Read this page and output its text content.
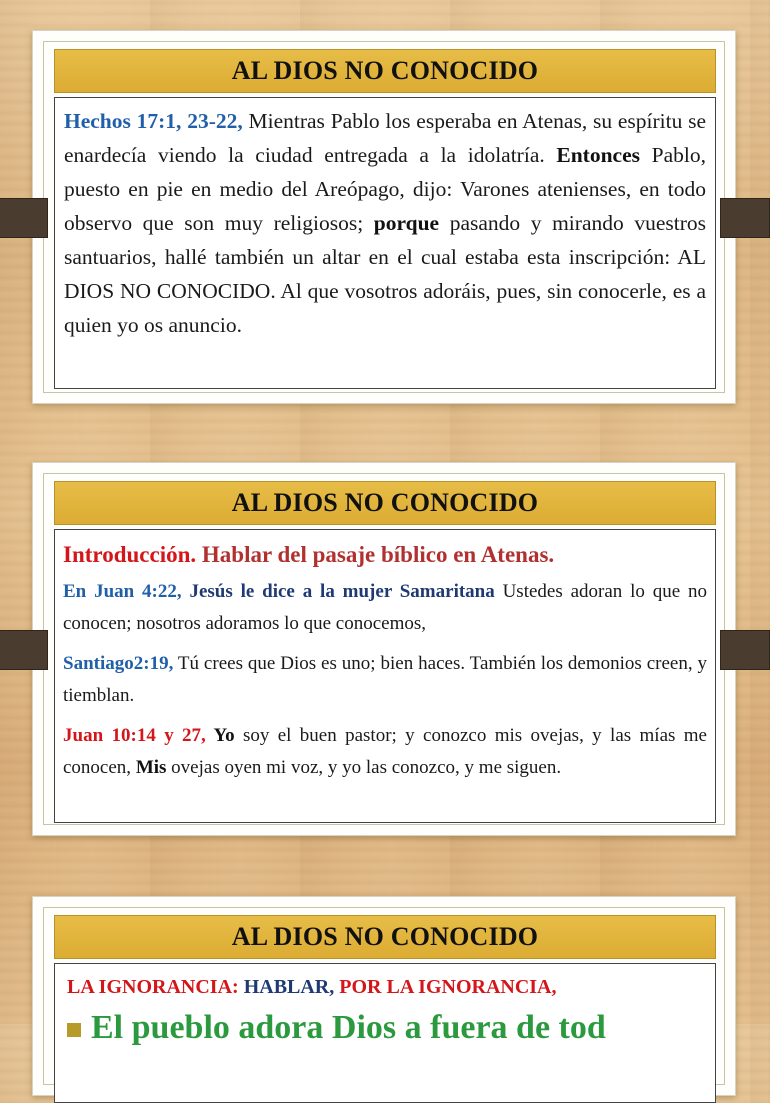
AL DIOS NO CONOCIDO
Hechos 17:1, 23-22, Mientras Pablo los esperaba en Atenas, su espíritu se enardecía viendo la ciudad entregada a la idolatría. Entonces Pablo, puesto en pie en medio del Areópago, dijo: Varones atenienses, en todo observo que son muy religiosos; porque pasando y mirando vuestros santuarios, hallé también un altar en el cual estaba esta inscripción: AL DIOS NO CONOCIDO. Al que vosotros adoráis, pues, sin conocerle, es a quien yo os anuncio.
AL DIOS NO CONOCIDO
Introducción. Hablar del pasaje bíblico en Atenas.
En Juan 4:22, Jesús le dice a la mujer Samaritana Ustedes adoran lo que no conocen; nosotros adoramos lo que conocemos,
Santiago2:19, Tú crees que Dios es uno; bien haces. También los demonios creen, y tiemblan.
Juan 10:14 y 27, Yo soy el buen pastor; y conozco mis ovejas, y las mías me conocen, Mis ovejas oyen mi voz, y yo las conozco, y me siguen.
AL DIOS NO CONOCIDO
LA IGNORANCIA: HABLAR, POR LA IGNORANCIA,
El pueblo adora Dios a fuera de tod
